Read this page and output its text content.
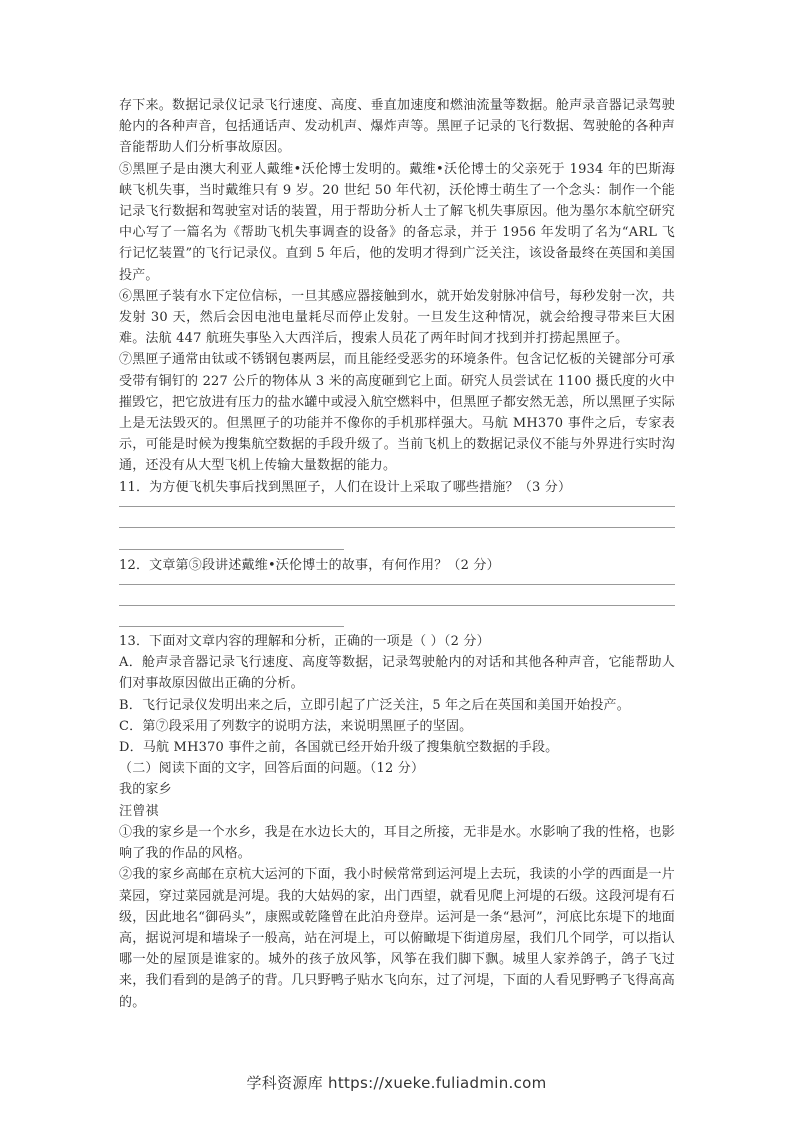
存下来。数据记录仪记录飞行速度、高度、垂直加速度和燃油流量等数据。舱声录音器记录驾驶舱内的各种声音，包括通话声、发动机声、爆炸声等。黑匣子记录的飞行数据、驾驶舱的各种声音能帮助人们分析事故原因。

⑤黑匣子是由澳大利亚人戴维•沃伦博士发明的。戴维•沃伦博士的父亲死于 1934 年的巴斯海峡飞机失事，当时戴维只有 9 岁。20 世纪 50 年代初，沃伦博士萌生了一个念头：制作一个能记录飞行数据和驾驶室对话的装置，用于帮助分析人士了解飞机失事原因。他为墨尔本航空研究中心写了一篇名为《帮助飞机失事调查的设备》的备忘录，并于 1956 年发明了名为“ARL 飞行记忆装置”的飞行记录仪。直到 5 年后，他的发明才得到广泛关注，该设备最终在英国和美国投产。

⑥黑匣子装有水下定位信标，一旦其感应器接触到水，就开始发射脉冲信号，每秒发射一次，共发射 30 天，然后会因电池电量耗尽而停止发射。一旦发生这种情况，就会给搜寻带来巨大困难。法航 447 航班失事坠入大西洋后，搜索人员花了两年时间才找到并打捞起黑匣子。

⑦黑匣子通常由钛或不锈钢包裹两层，而且能经受恶劣的环境条件。包含记忆板的关键部分可承受带有铜钉的 227 公斤的物体从 3 米的高度砸到它上面。研究人员尝试在 1100 摄氏度的火中摧毁它，把它放进有压力的盐水罐中或浸入航空燃料中，但黑匣子都安然无恙，所以黑匣子实际上是无法毁灭的。但黑匣子的功能并不像你的手机那样强大。马航 MH370 事件之后，专家表示，可能是时候为搜集航空数据的手段升级了。当前飞机上的数据记录仪不能与外界进行实时沟通，还没有从大型飞机上传输大量数据的能力。

11．为方便飞机失事后找到黑匣子，人们在设计上采取了哪些措施？（3 分）

12．文章第⑤段讲述戴维•沃伦博士的故事，有何作用？（2 分）

13．下面对文章内容的理解和分析，正确的一项是（ ）（2 分）

A．舱声录音器记录飞行速度、高度等数据，记录驾驶舱内的对话和其他各种声音，它能帮助人们对事故原因做出正确的分析。

B．飞行记录仪发明出来之后，立即引起了广泛关注，5 年之后在英国和美国开始投产。

C．第⑦段采用了列数字的说明方法，来说明黑匣子的坚固。

D．马航 MH370 事件之前，各国就已经开始升级了搜集航空数据的手段。

（二）阅读下面的文字，回答后面的问题。（12 分）

我的家乡

汪曾祺

①我的家乡是一个水乡，我是在水边长大的，耳目之所接，无非是水。水影响了我的性格，也影响了我的作品的风格。

②我的家乡高邮在京杭大运河的下面，我小时候常常到运河堤上去玩，我读的小学的西面是一片菜园，穿过菜园就是河堤。我的大姑妈的家，出门西望，就看见爬上河堤的石级。这段河堤有石级，因此地名“御码头”，康熙或乾隆曾在此泊舟登岸。运河是一条“悬河”，河底比东堤下的地面高，据说河堤和墙垛子一般高，站在河堤上，可以俯瞰堤下街道房屋，我们几个同学，可以指认哪一处的屋顶是谁家的。城外的孩子放风筝，风筝在我们脚下飘。城里人家养鸽子，鸽子飞过来，我们看到的是鸽子的背。几只野鸭子贴水飞向东，过了河堤，下面的人看见野鸭子飞得高高的。

学科资源库 https://xueke.fuliadmin.com
